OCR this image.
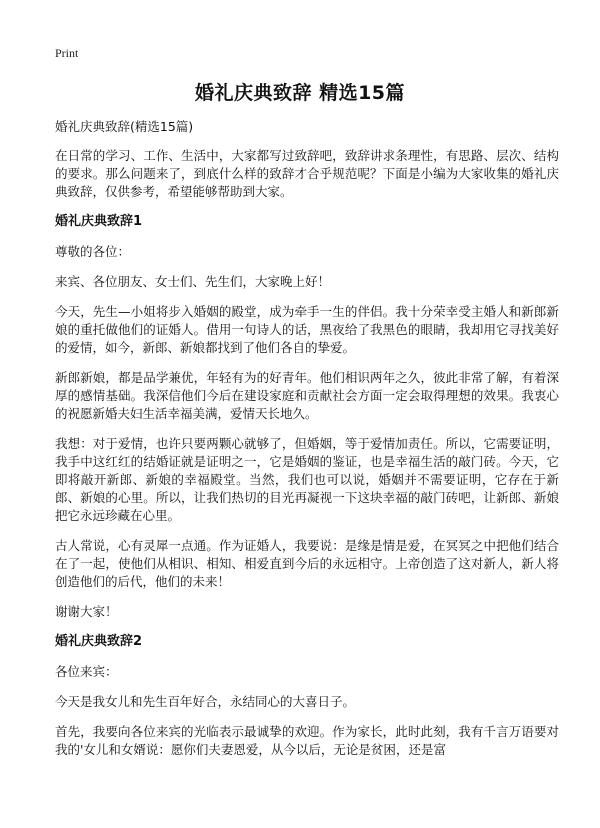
Print
婚礼庆典致辞 精选15篇

婚礼庆典致辞(精选15篇)

在日常的学习、工作、生活中，大家都写过致辞吧，致辞讲求条理性，有思路、层次、结构的要求。那么问题来了，到底什么样的致辞才合乎规范呢？下面是小编为大家收集的婚礼庆典致辞，仅供参考，希望能够帮助到大家。

婚礼庆典致辞1

尊敬的各位：

来宾、各位朋友、女士们、先生们，大家晚上好！

今天，先生—小姐将步入婚姻的殿堂，成为牵手一生的伴侣。我十分荣幸受主婚人和新郎新娘的重托做他们的证婚人。借用一句诗人的话，黑夜给了我黑色的眼睛，我却用它寻找美好的爱情，如今，新郎、新娘都找到了他们各自的挚爱。

新郎新娘，都是品学兼优，年轻有为的好青年。他们相识两年之久，彼此非常了解，有着深厚的感情基础。我深信他们今后在建设家庭和贡献社会方面一定会取得理想的效果。我衷心的祝愿新婚夫妇生活幸福美满，爱情天长地久。

我想：对于爱情，也许只要两颗心就够了，但婚姻，等于爱情加责任。所以，它需要证明，我手中这红红的结婚证就是证明之一，它是婚姻的鉴证，也是幸福生活的敲门砖。今天，它即将敲开新郎、新娘的幸福殿堂。当然，我们也可以说，婚姻并不需要证明，它存在于新郎、新娘的心里。所以，让我们热切的目光再凝视一下这块幸福的敲门砖吧，让新郎、新娘把它永远珍藏在心里。

古人常说，心有灵犀一点通。作为证婚人，我要说：是缘是情是爱，在冥冥之中把他们结合在了一起，使他们从相识、相知、相爱直到今后的永远相守。上帝创造了这对新人，新人将创造他们的后代，他们的未来！

谢谢大家！

婚礼庆典致辞2

各位来宾：

今天是我女儿和先生百年好合，永结同心的大喜日子。

首先，我要向各位来宾的光临表示最诚挚的欢迎。作为家长，此时此刻，我有千言万语要对我的'女儿和女婿说：愿你们夫妻恩爱，从今以后，无论是贫困，还是富
